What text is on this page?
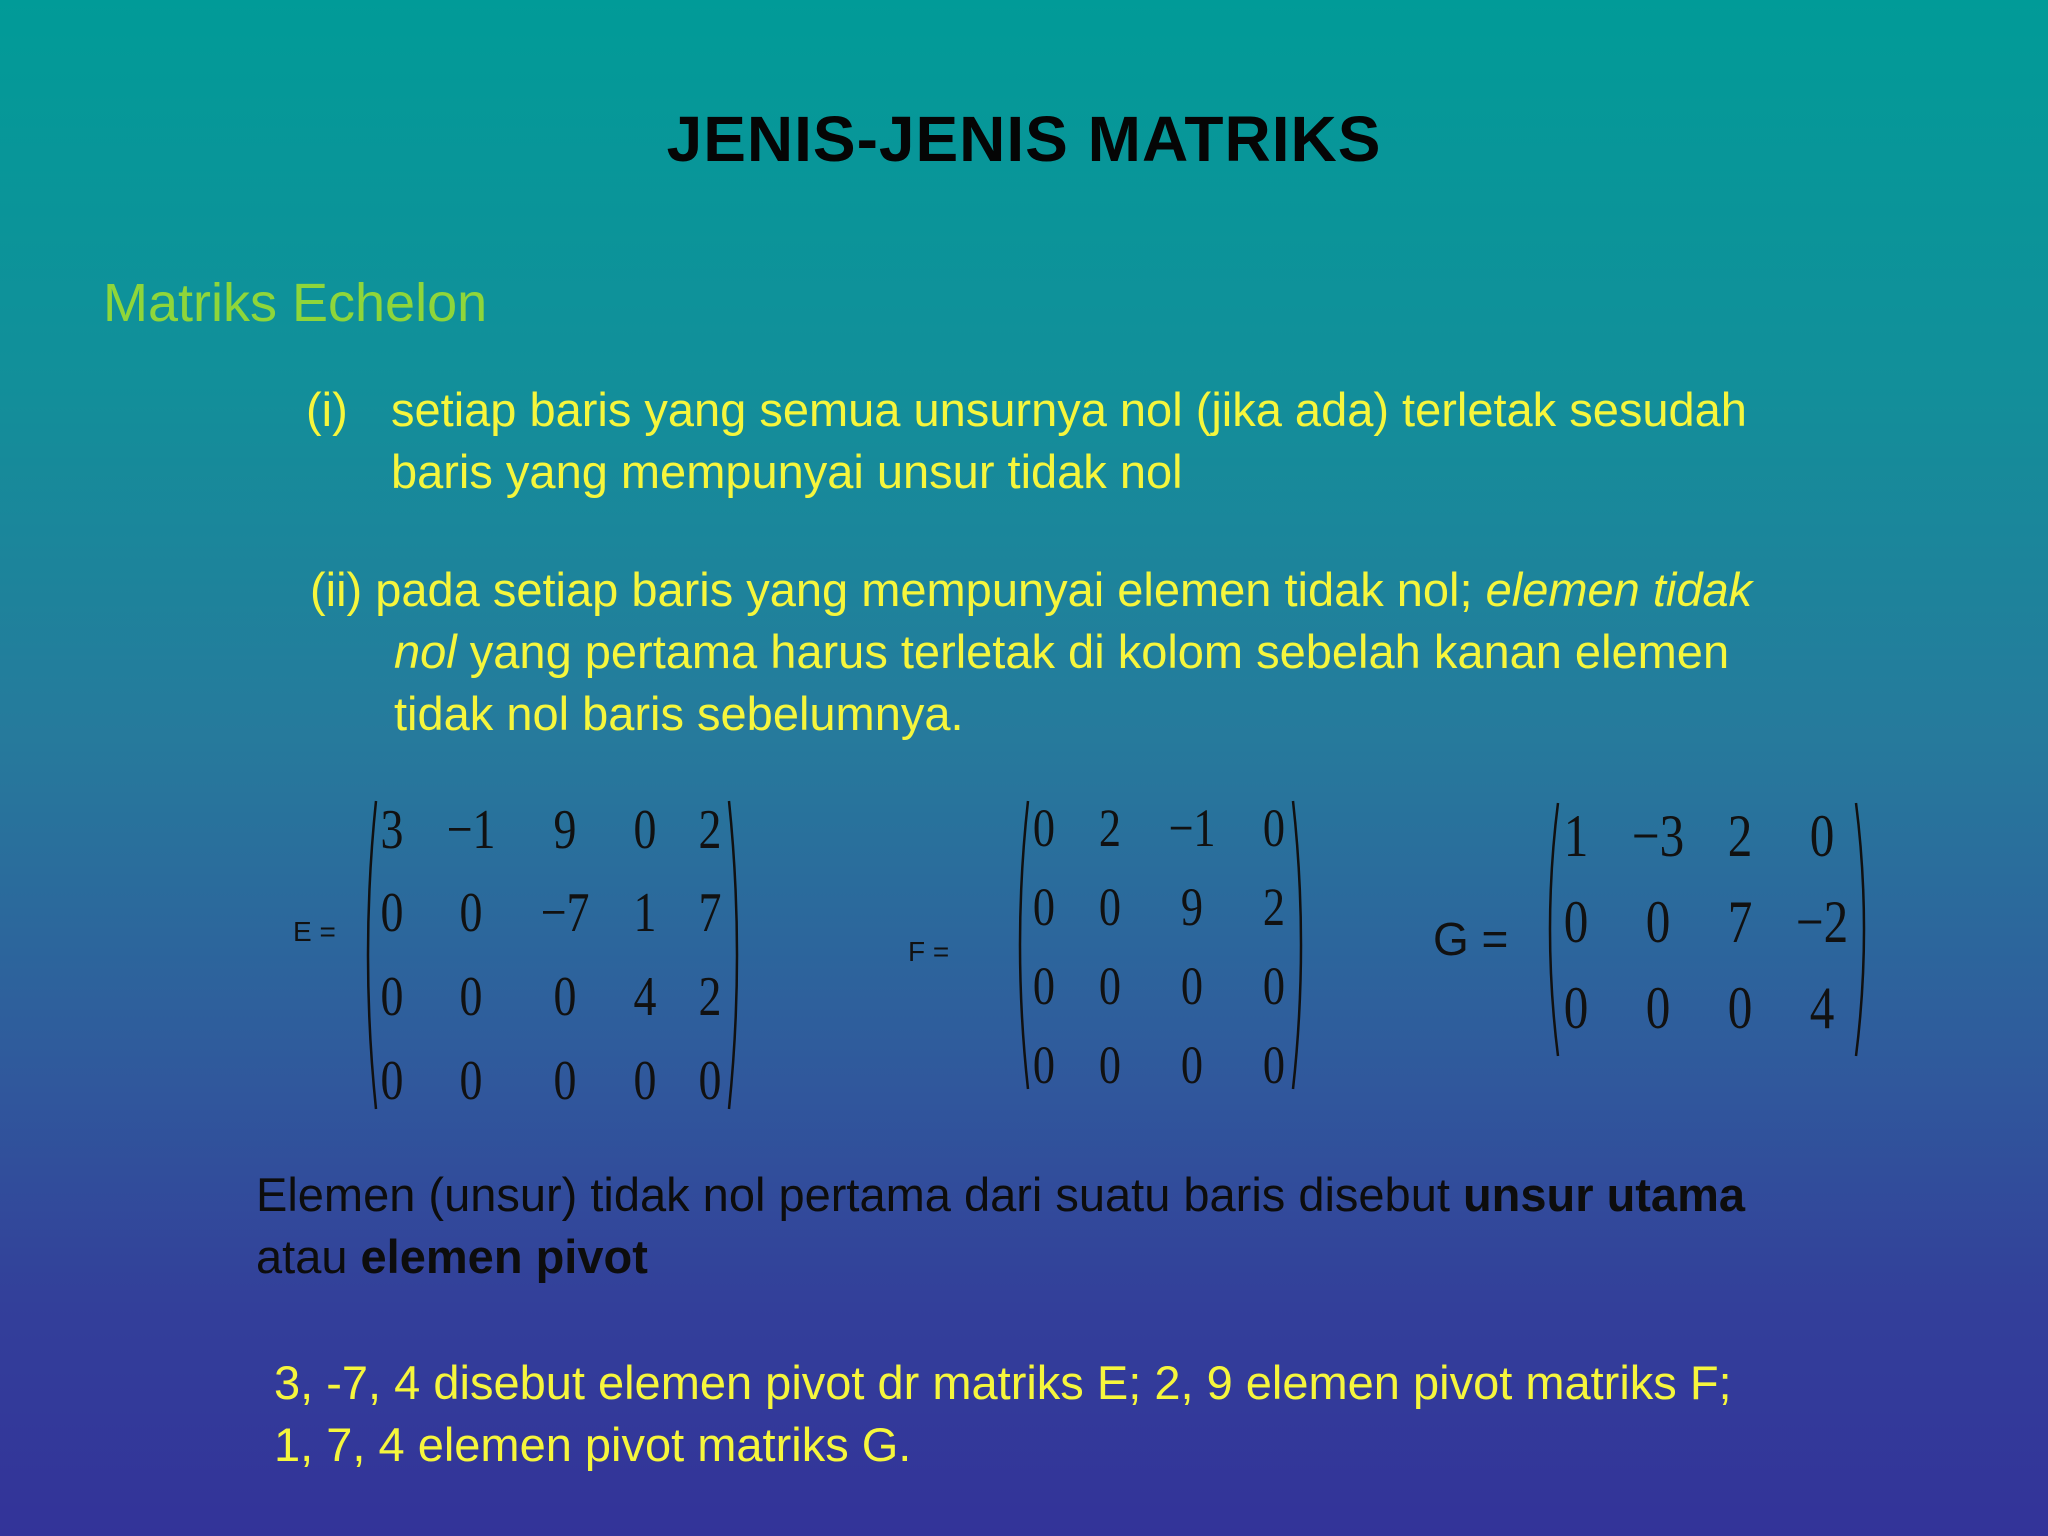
JENIS-JENIS MATRIKS
Matriks Echelon
(i) setiap baris yang semua unsurnya nol (jika ada) terletak sesudah
baris yang mempunyai unsur tidak nol
(ii) pada setiap baris yang mempunyai elemen tidak nol; elemen tidak
nol yang pertama harus terletak di kolom sebelah kanan elemen
tidak nol baris sebelumnya.
E =
3 −1 9 0 2
0 0 −7 1 7
0 0 0 4 2
0 0 0 0 0
F =
0 2 −1 0
0 0 9 2
0 0 0 0
0 0 0 0
G =
1 −3 2 0
0 0 7 −2
0 0 0 4
Elemen (unsur) tidak nol pertama dari suatu baris disebut unsur utama
atau elemen pivot
3, -7, 4 disebut elemen pivot dr matriks E; 2, 9 elemen pivot matriks F;
1, 7, 4 elemen pivot matriks G.
